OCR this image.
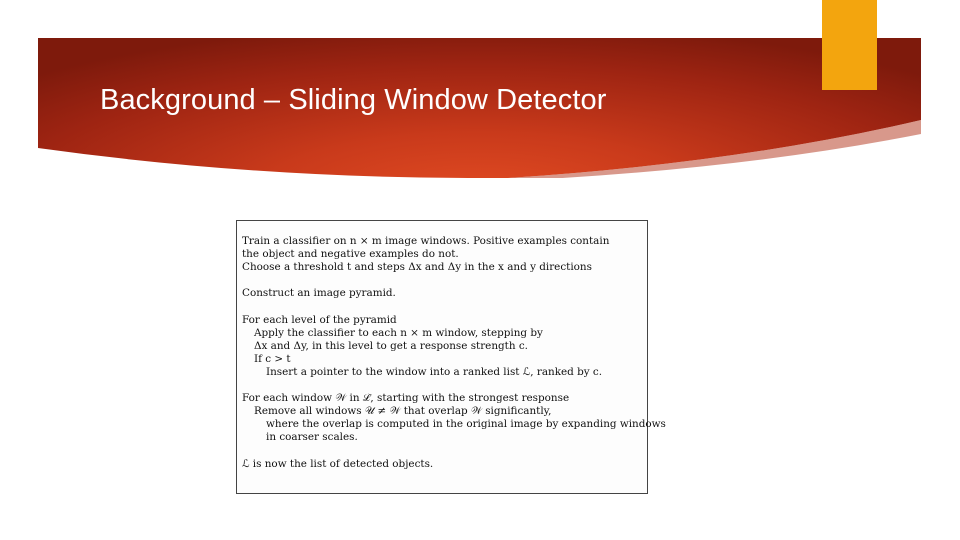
Background – Sliding Window Detector
Train a classifier on n × m image windows. Positive examples contain
the object and negative examples do not.
Choose a threshold t and steps Δx and Δy in the x and y directions
Construct an image pyramid.
For each level of the pyramid
Apply the classifier to each n × m window, stepping by
Δx and Δy, in this level to get a response strength c.
If c > t
Insert a pointer to the window into a ranked list ℒ, ranked by c.
For each window 𝒲 in ℒ, starting with the strongest response
Remove all windows 𝒰 ≠ 𝒲 that overlap 𝒲 significantly,
where the overlap is computed in the original image by expanding windows
in coarser scales.
ℒ is now the list of detected objects.
